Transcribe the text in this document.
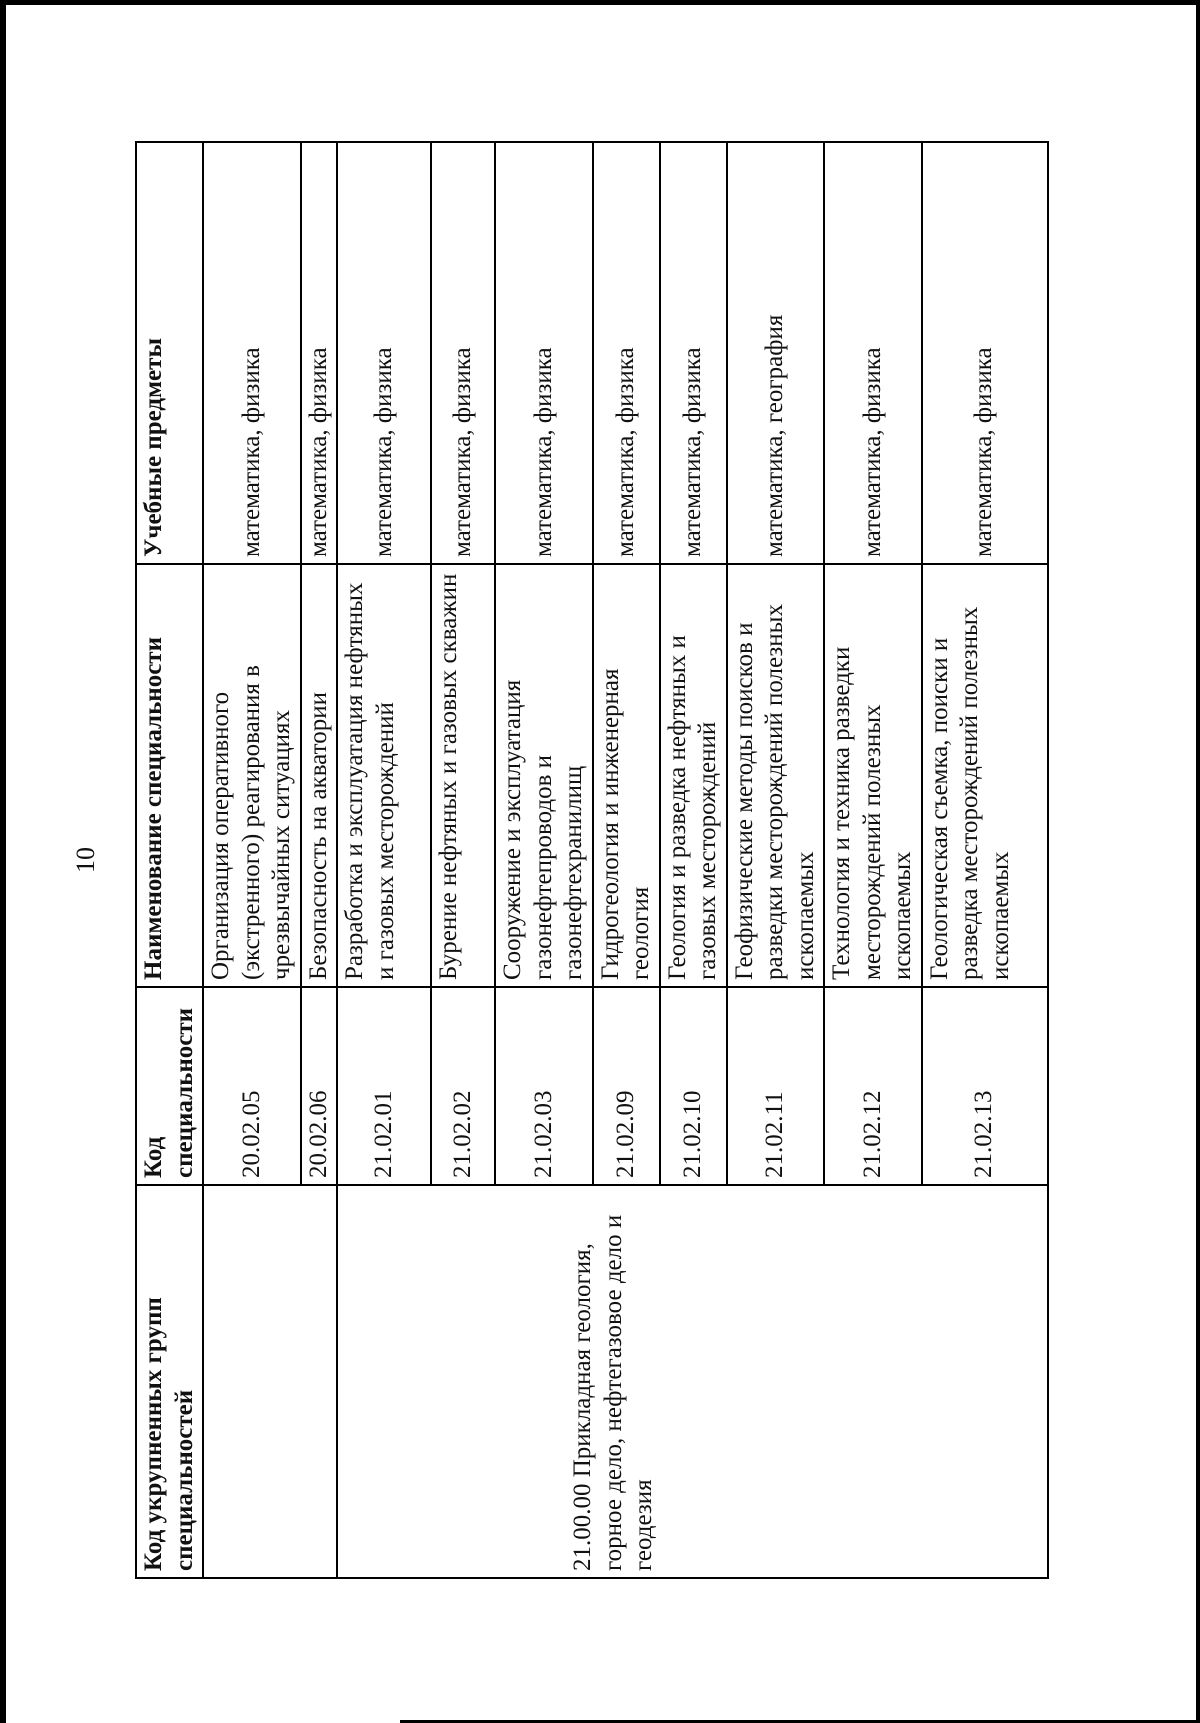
10
Код укрупненных групп специальностей	Код специальности	Наименование специальности	Учебные предметы
	20.02.05	Организация оперативного (экстренного) реагирования в чрезвычайных ситуациях	математика, физика
	20.02.06	Безопасность на акватории	математика, физика

21.00.00 Прикладная геология, горное дело, нефтегазовое дело и геодезия	21.02.01	Разработка и эксплуатация нефтяных и газовых месторождений	математика, физика
	21.02.02	Бурение нефтяных и газовых скважин	математика, физика
	21.02.03	Сооружение и эксплуатация газонефтепроводов и газонефтехранилищ	математика, физика
	21.02.09	Гидрогеология и инженерная геология	математика, физика
	21.02.10	Геология и разведка нефтяных и газовых месторождений	математика, физика
	21.02.11	Геофизические методы поисков и разведки месторождений полезных ископаемых	математика, география
	21.02.12	Технология и техника разведки месторождений полезных ископаемых	математика, физика
	21.02.13	Геологическая съемка, поиски и разведка месторождений полезных ископаемых	математика, физика
